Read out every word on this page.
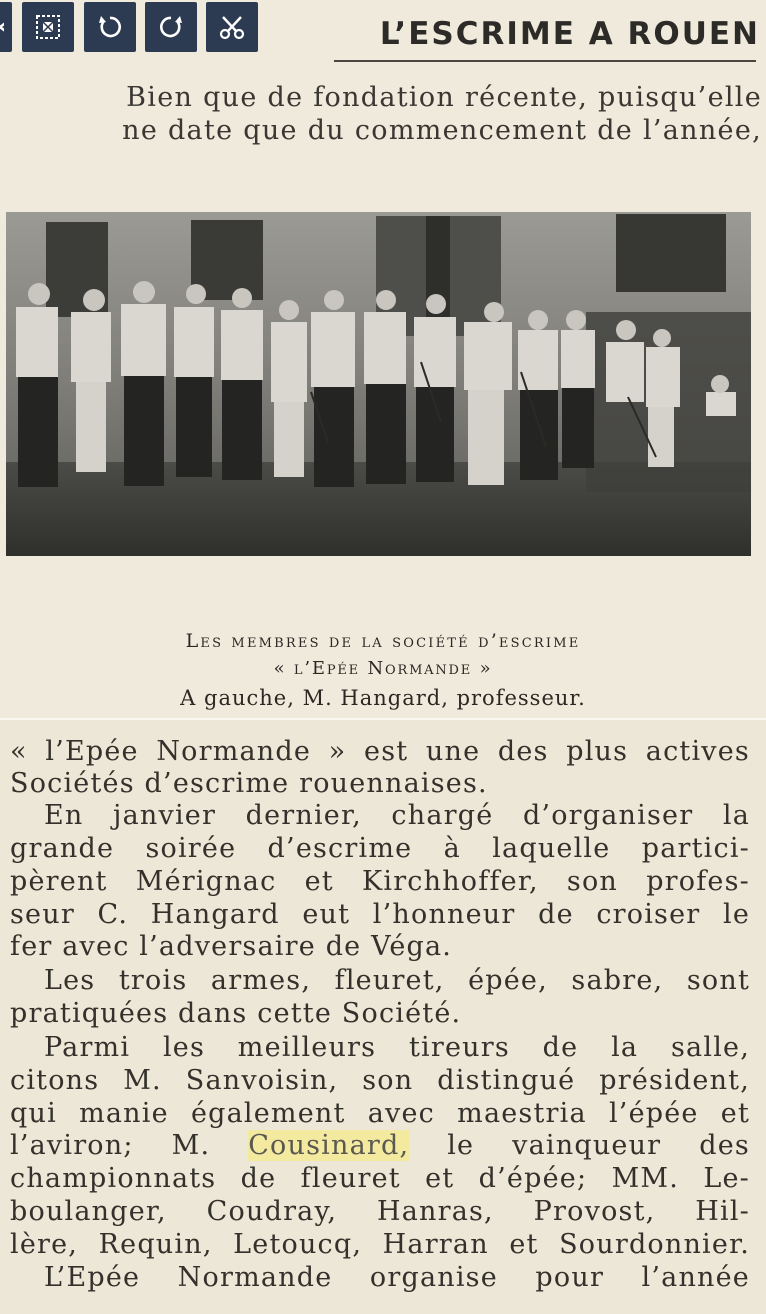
L’ESCRIME A ROUEN
Bien que de fondation récente, puisqu’elle
ne date que du commencement de l’année,
Les membres de la société d’escrime
« l’Epée Normande »
A gauche, M. Hangard, professeur.
« l’Epée Normande » est une des plus actives
Sociétés d’escrime rouennaises.
En janvier dernier, chargé d’organiser la
grande soirée d’escrime à laquelle partici-
pèrent Mérignac et Kirchhoffer, son profes-
seur C. Hangard eut l’honneur de croiser le
fer avec l’adversaire de Véga.
Les trois armes, fleuret, épée, sabre, sont
pratiquées dans cette Société.
Parmi les meilleurs tireurs de la salle,
citons M. Sanvoisin, son distingué président,
qui manie également avec maestria l’épée et
l’aviron; M. Cousinard, le vainqueur des
championnats de fleuret et d’épée; MM. Le-
boulanger, Coudray, Hanras, Provost, Hil-
lère, Requin, Letoucq, Harran et Sourdonnier.
L’Epée Normande organise pour l’année
